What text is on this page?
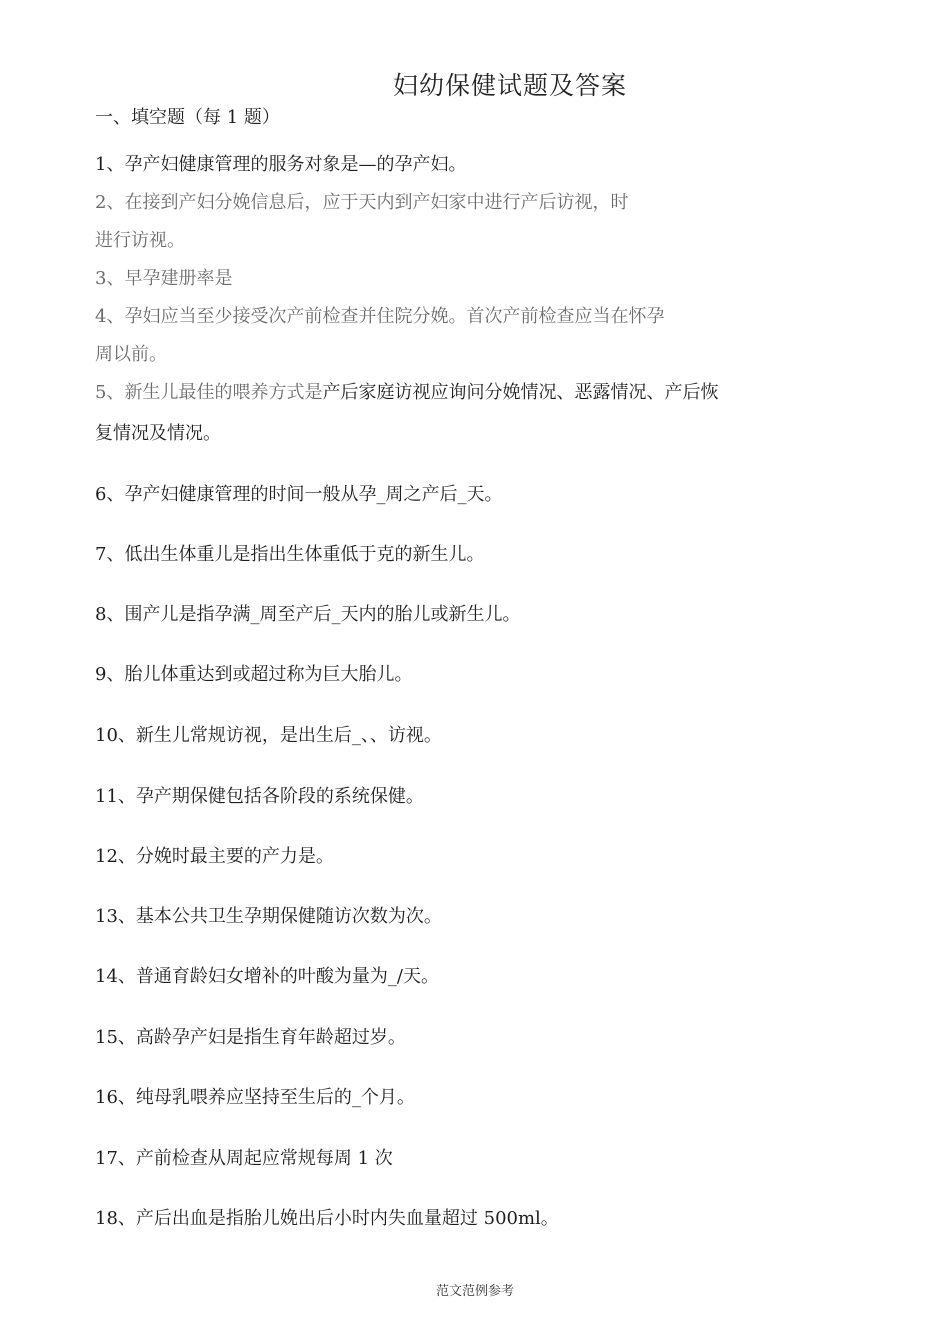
妇幼保健试题及答案
一、填空题（每 1 题）
1、孕产妇健康管理的服务对象是—的孕产妇。
2、在接到产妇分娩信息后，应于天内到产妇家中进行产后访视，时
进行访视。
3、早孕建册率是
4、孕妇应当至少接受次产前检查并住院分娩。首次产前检查应当在怀孕
周以前。
5、新生儿最佳的喂养方式是产后家庭访视应询问分娩情况、恶露情况、产后恢
复情况及情况。
6、孕产妇健康管理的时间一般从孕_周之产后_天。
7、低出生体重儿是指出生体重低于克的新生儿。
8、围产儿是指孕满_周至产后_天内的胎儿或新生儿。
9、胎儿体重达到或超过称为巨大胎儿。
10、新生儿常规访视，是出生后_、、访视。
11、孕产期保健包括各阶段的系统保健。
12、分娩时最主要的产力是。
13、基本公共卫生孕期保健随访次数为次。
14、普通育龄妇女增补的叶酸为量为_/天。
15、高龄孕产妇是指生育年龄超过岁。
16、纯母乳喂养应坚持至生后的_个月。
17、产前检查从周起应常规每周 1 次
18、产后出血是指胎儿娩出后小时内失血量超过 500ml。
范文范例参考
